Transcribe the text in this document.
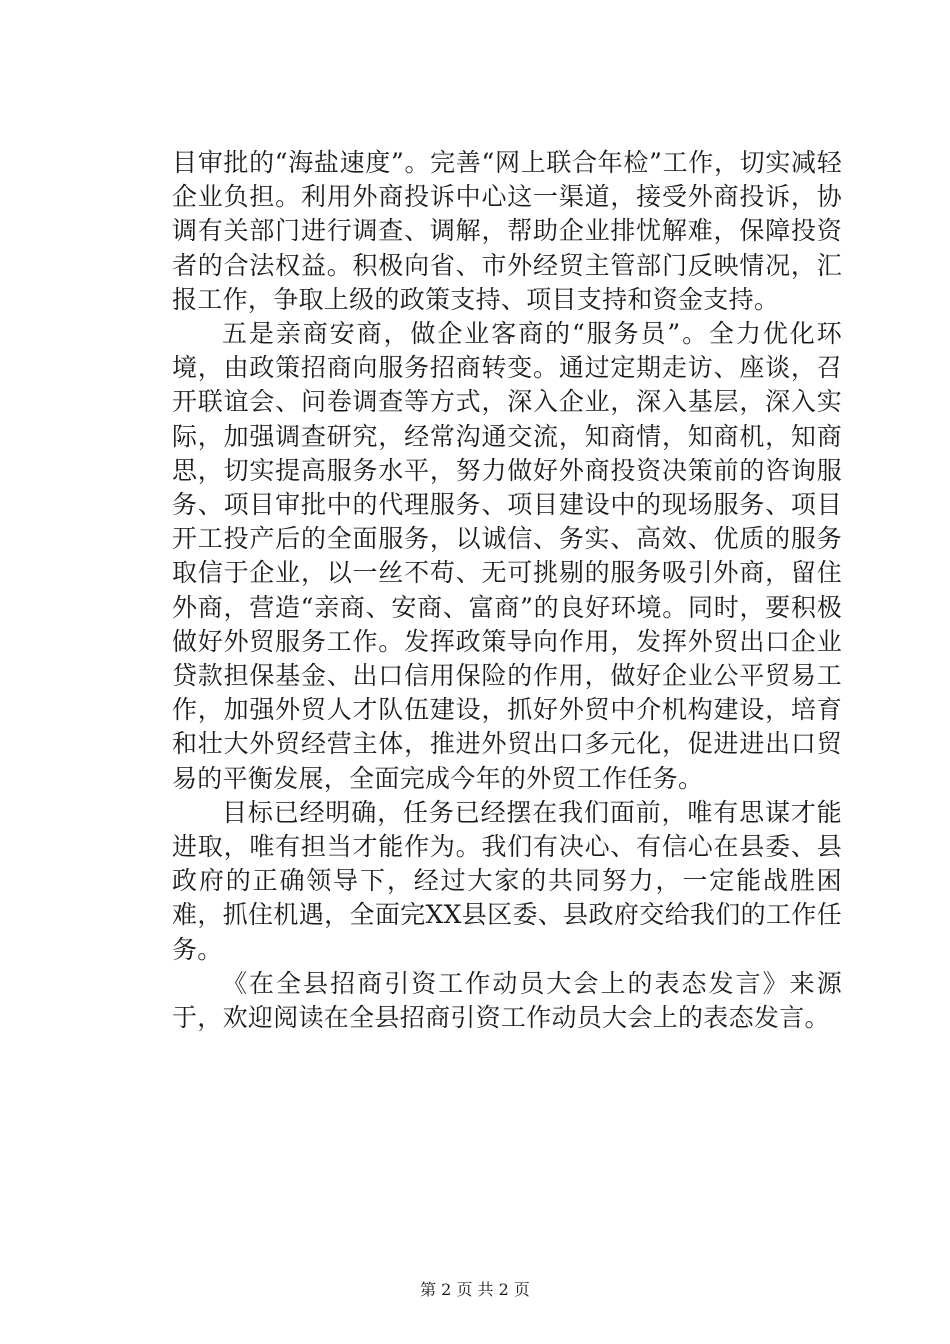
目审批的“海盐速度”。完善“网上联合年检”工作，切实减轻企业负担。利用外商投诉中心这一渠道，接受外商投诉，协调有关部门进行调查、调解，帮助企业排忧解难，保障投资者的合法权益。积极向省、市外经贸主管部门反映情况，汇报工作，争取上级的政策支持、项目支持和资金支持。

五是亲商安商，做企业客商的“服务员”。全力优化环境，由政策招商向服务招商转变。通过定期走访、座谈，召开联谊会、问卷调查等方式，深入企业，深入基层，深入实际，加强调查研究，经常沟通交流，知商情，知商机，知商思，切实提高服务水平，努力做好外商投资决策前的咨询服务、项目审批中的代理服务、项目建设中的现场服务、项目开工投产后的全面服务，以诚信、务实、高效、优质的服务取信于企业，以一丝不苟、无可挑剔的服务吸引外商，留住外商，营造“亲商、安商、富商”的良好环境。同时，要积极做好外贸服务工作。发挥政策导向作用，发挥外贸出口企业贷款担保基金、出口信用保险的作用，做好企业公平贸易工作，加强外贸人才队伍建设，抓好外贸中介机构建设，培育和壮大外贸经营主体，推进外贸出口多元化，促进进出口贸易的平衡发展，全面完成今年的外贸工作任务。

目标已经明确，任务已经摆在我们面前，唯有思谋才能进取，唯有担当才能作为。我们有决心、有信心在县委、县政府的正确领导下，经过大家的共同努力，一定能战胜困难，抓住机遇，全面完XX县区委、县政府交给我们的工作任务。

《在全县招商引资工作动员大会上的表态发言》来源于，欢迎阅读在全县招商引资工作动员大会上的表态发言。

第 2 页 共 2 页
